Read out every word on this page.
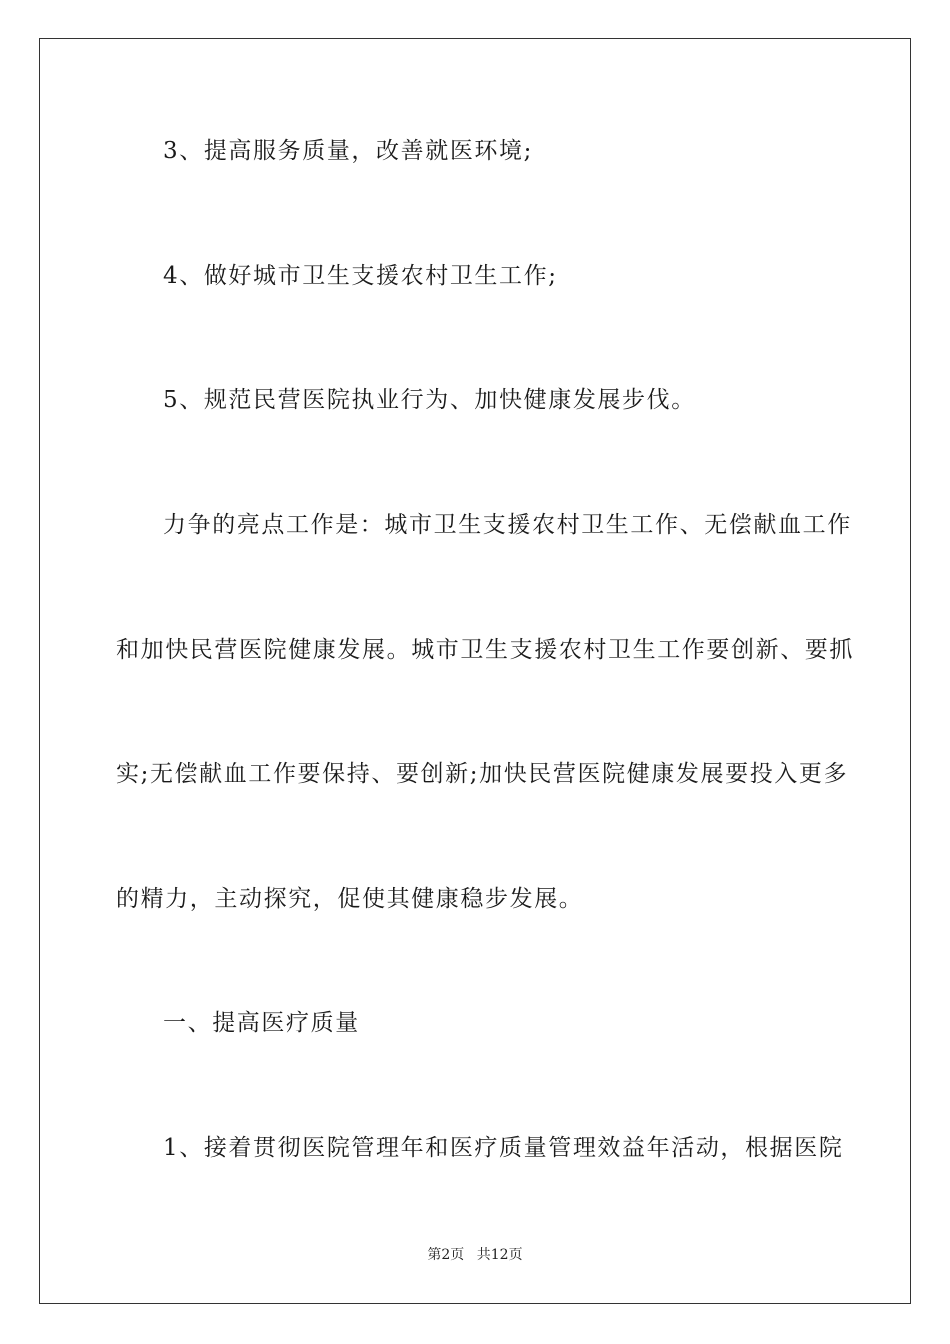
3、提高服务质量，改善就医环境;
4、做好城市卫生支援农村卫生工作;
5、规范民营医院执业行为、加快健康发展步伐。
力争的亮点工作是：城市卫生支援农村卫生工作、无偿献血工作
和加快民营医院健康发展。城市卫生支援农村卫生工作要创新、要抓
实;无偿献血工作要保持、要创新;加快民营医院健康发展要投入更多
的精力，主动探究，促使其健康稳步发展。
一、提高医疗质量
1、接着贯彻医院管理年和医疗质量管理效益年活动，根据医院
第2页 共12页
